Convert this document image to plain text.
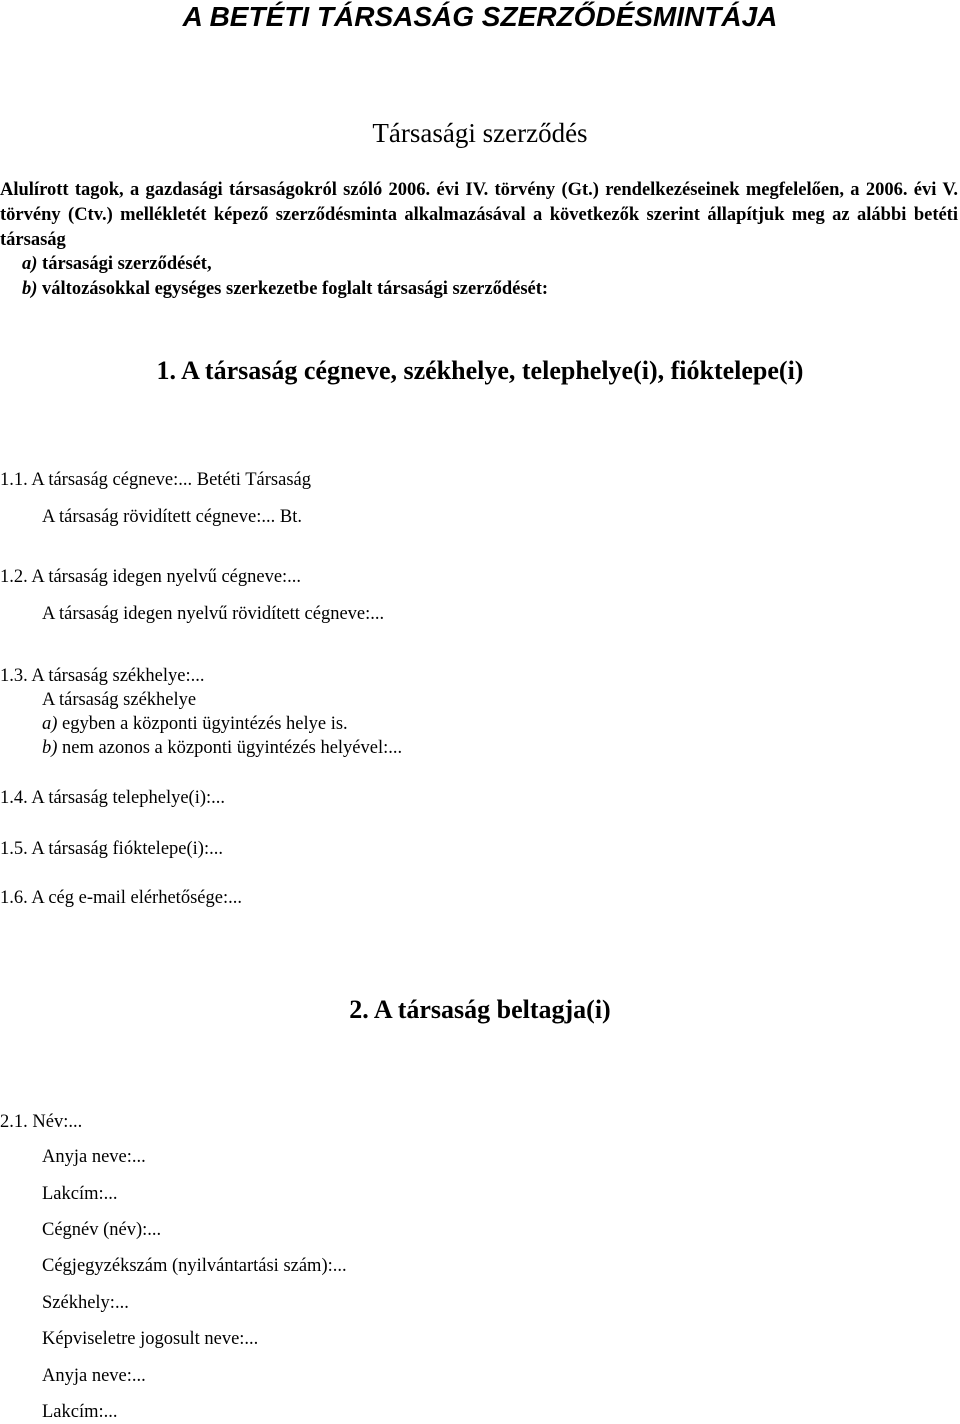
A BETÉTI TÁRSASÁG SZERZŐDÉSMINTÁJA
Társasági szerződés
Alulírott tagok, a gazdasági társaságokról szóló 2006. évi IV. törvény (Gt.) rendelkezéseinek megfelelően, a 2006. évi V. törvény (Ctv.) mellékletét képező szerződésminta alkalmazásával a következők szerint állapítjuk meg az alábbi betéti társaság
a) társasági szerződését,
b) változásokkal egységes szerkezetbe foglalt társasági szerződését:
1. A társaság cégneve, székhelye, telephelye(i), fióktelepe(i)
1.1. A társaság cégneve:... Betéti Társaság
A társaság rövidített cégneve:... Bt.
1.2. A társaság idegen nyelvű cégneve:...
A társaság idegen nyelvű rövidített cégneve:...
1.3. A társaság székhelye:...
A társaság székhelye
a) egyben a központi ügyintézés helye is.
b) nem azonos a központi ügyintézés helyével:...
1.4. A társaság telephelye(i):...
1.5. A társaság fióktelepe(i):...
1.6. A cég e-mail elérhetősége:...
2. A társaság beltagja(i)
2.1. Név:...
Anyja neve:...
Lakcím:...
Cégnév (név):...
Cégjegyzékszám (nyilvántartási szám):...
Székhely:...
Képviseletre jogosult neve:...
Anyja neve:...
Lakcím:...
